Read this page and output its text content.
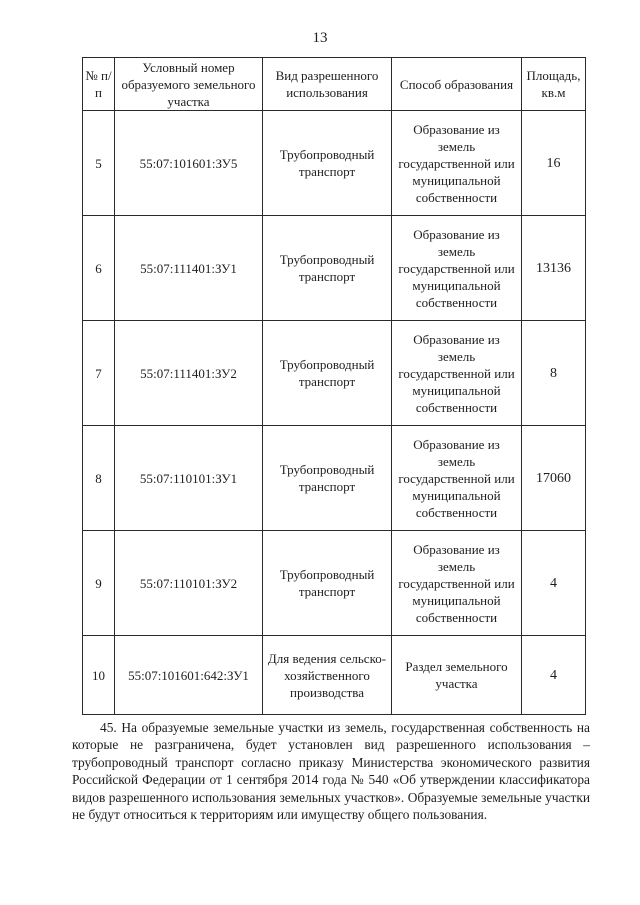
13
№ п/п	Условный номер образуемого земельного участка	Вид разрешенного использования	Способ образования	Площадь, кв.м
5	55:07:101601:ЗУ5	Трубопроводный транспорт	Образование из земель государственной или муниципальной собственности	16
6	55:07:111401:ЗУ1	Трубопроводный транспорт	Образование из земель государственной или муниципальной собственности	13136
7	55:07:111401:ЗУ2	Трубопроводный транспорт	Образование из земель государственной или муниципальной собственности	8
8	55:07:110101:ЗУ1	Трубопроводный транспорт	Образование из земель государственной или муниципальной собственности	17060
9	55:07:110101:ЗУ2	Трубопроводный транспорт	Образование из земель государственной или муниципальной собственности	4
10	55:07:101601:642:ЗУ1	Для ведения сельско-хозяйственного производства	Раздел земельного участка	4
45. На образуемые земельные участки из земель, государственная собственность на которые не разграничена, будет установлен вид разрешенного использования – трубопроводный транспорт согласно приказу Министерства экономического развития Российской Федерации от 1 сентября 2014 года № 540 «Об утверждении классификатора видов разрешенного использования земельных участков». Образуемые земельные участки не будут относиться к территориям или имуществу общего пользования.
